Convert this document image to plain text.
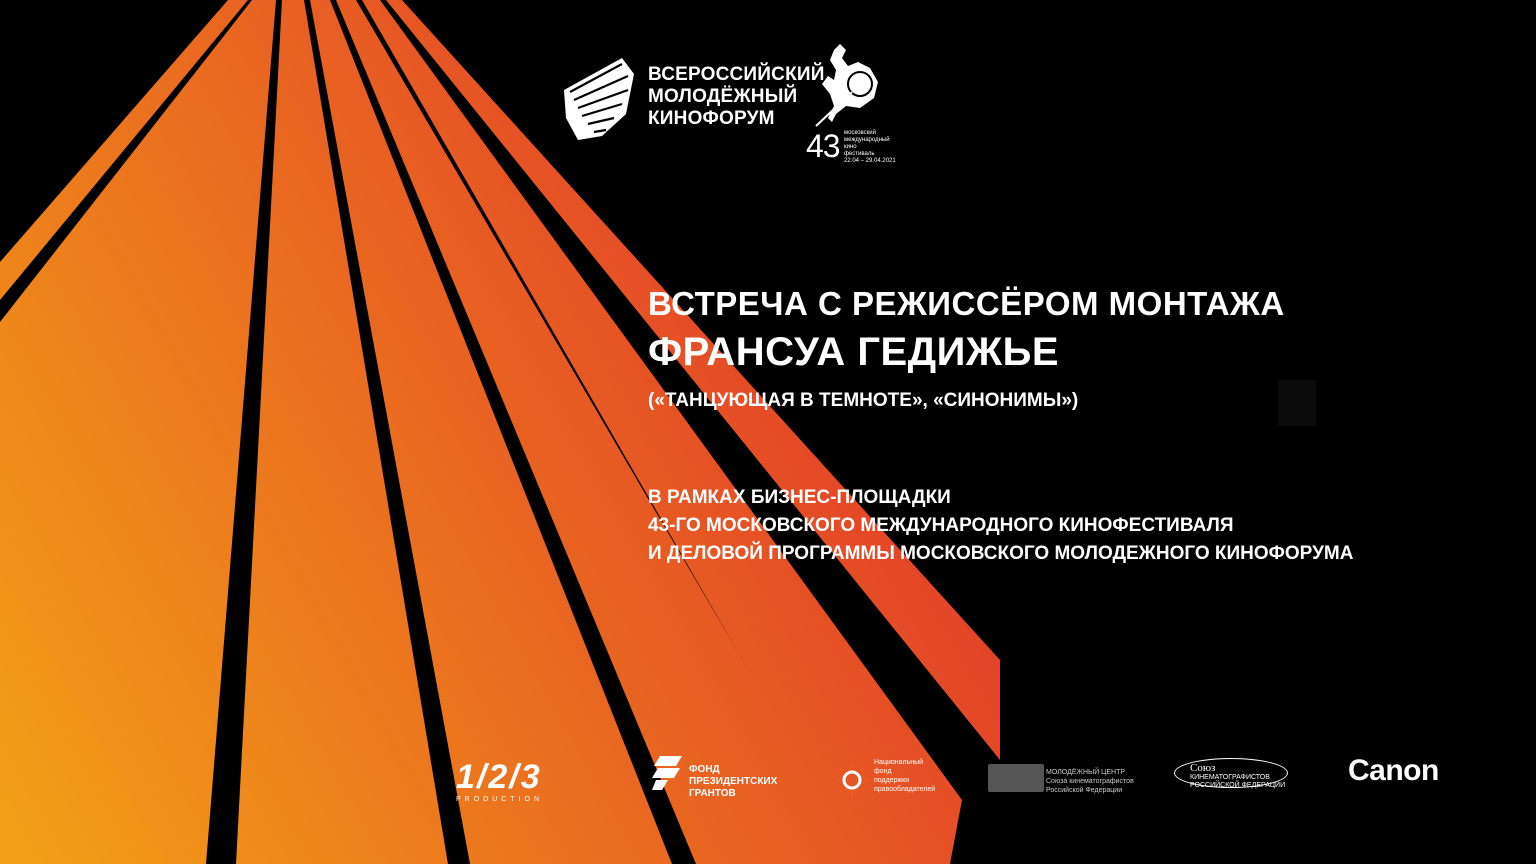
ВСЕРОССИЙСКИЙ
МОЛОДЁЖНЫЙ
КИНОФОРУМ
43 московский
международный
кино
фестиваль
22.04 – 29.04.2021
ВСТРЕЧА С РЕЖИССЁРОМ МОНТАЖА
ФРАНСУА ГЕДИЖЬЕ
(«ТАНЦУЮЩАЯ В ТЕМНОТЕ», «СИНОНИМЫ»)
В РАМКАХ БИЗНЕС-ПЛОЩАДКИ
43-ГО МОСКОВСКОГО МЕЖДУНАРОДНОГО КИНОФЕСТИВАЛЯ
И ДЕЛОВОЙ ПРОГРАММЫ МОСКОВСКОГО МОЛОДЕЖНОГО КИНОФОРУМА
1/2/3
PRODUCTION
ФОНД
ПРЕЗИДЕНТСКИХ
ГРАНТОВ
Национальный
фонд
поддержки
правообладателей
МОЛОДЁЖНЫЙ ЦЕНТР
Союза кинематографистов
Российской Федерации
Союз
КИНЕМАТОГРАФИСТОВ
РОССИЙСКОЙ ФЕДЕРАЦИИ Canon
